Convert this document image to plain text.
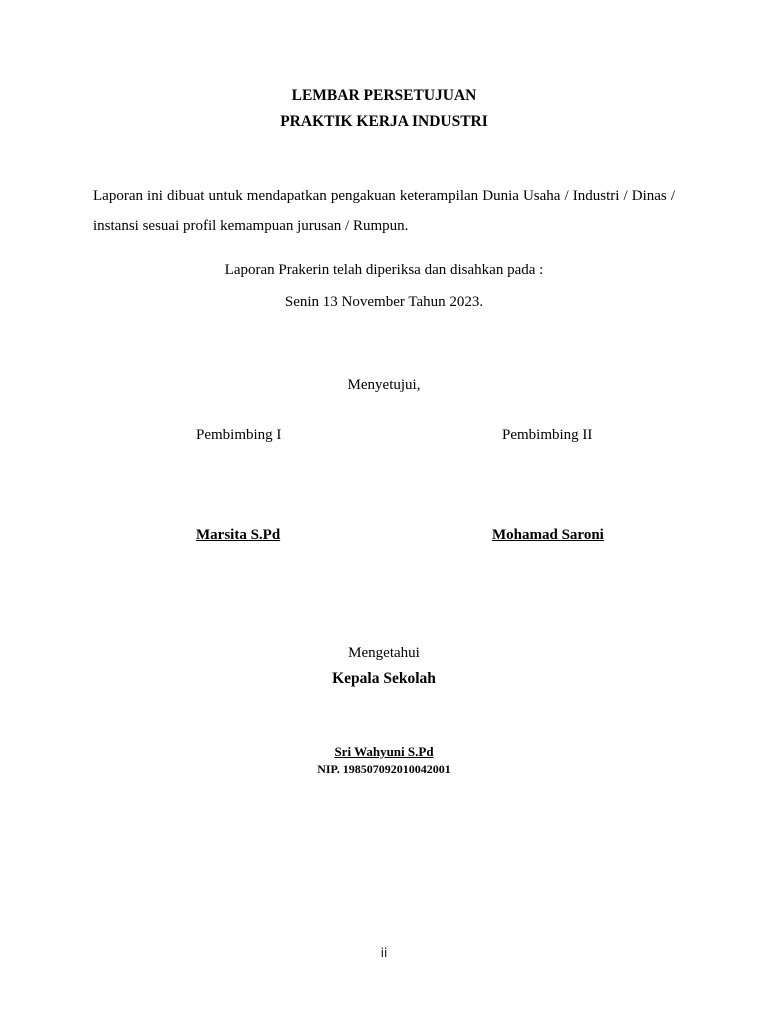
LEMBAR PERSETUJUAN
PRAKTIK KERJA INDUSTRI
Laporan ini dibuat untuk mendapatkan pengakuan keterampilan Dunia Usaha / Industri / Dinas / instansi sesuai profil kemampuan jurusan / Rumpun.
Laporan Prakerin telah diperiksa dan disahkan pada :
Senin 13 November Tahun 2023.
Menyetujui,
Pembimbing I	Pembimbing II
Marsita S.Pd	Mohamad Saroni
Mengetahui
Kepala Sekolah
Sri Wahyuni S.Pd
NIP. 198507092010042001
ii
